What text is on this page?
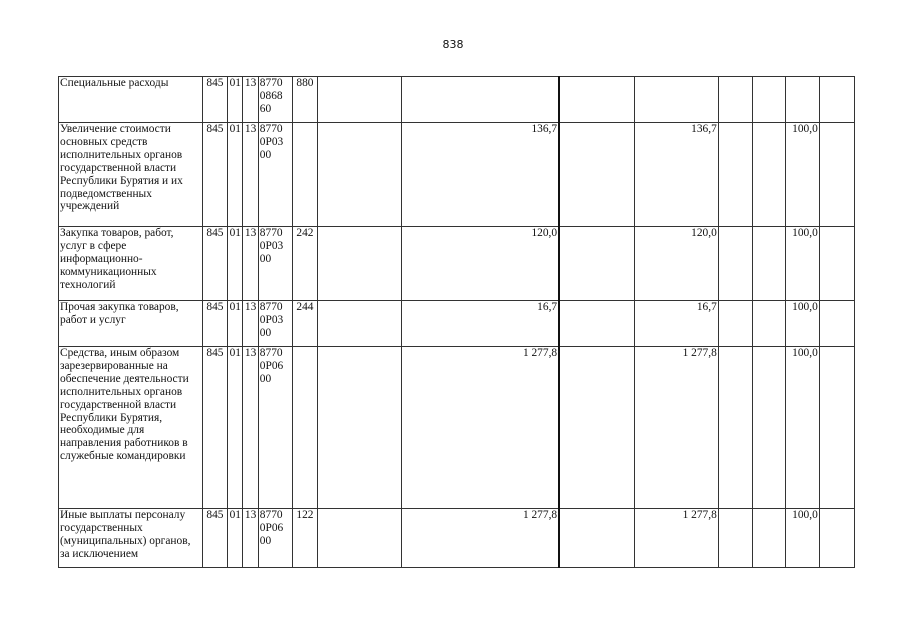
838
Специальные расходы	845	01	13	8770
0868
60	880								
Увеличение стоимости основных средств исполнительных органов государственной власти Республики Бурятия и их подведомственных учреждений	845	01	13	8770
0P03
00			136,7		136,7			100,0	
Закупка товаров, работ, услуг в сфере информационно-коммуникационных технологий	845	01	13	8770
0P03
00	242		120,0		120,0			100,0	
Прочая закупка товаров, работ и услуг	845	01	13	8770
0P03
00	244		16,7		16,7			100,0	
Средства, иным образом зарезервированные на обеспечение деятельности исполнительных органов государственной власти Республики Бурятия, необходимые для направления работников в служебные командировки	845	01	13	8770
0P06
00			1 277,8		1 277,8			100,0	
Иные выплаты персоналу государственных (муниципальных) органов, за исключением	845	01	13	8770
0P06
00	122		1 277,8		1 277,8			100,0	
